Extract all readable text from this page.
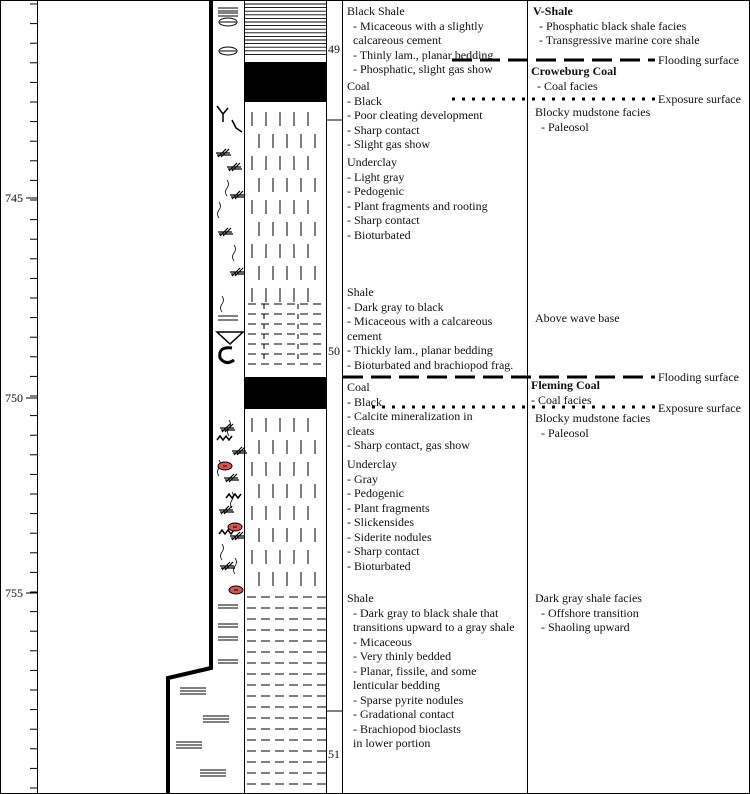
745
750
755
49
50
51
Black Shale
- Micaceous with a slightly
calcareous cement
- Thinly lam., planar bedding
- Phosphatic, slight gas show
Coal
- Black
- Poor cleating development
- Sharp contact
- Slight gas show
Underclay
- Light gray
- Pedogenic
- Plant fragments and rooting
- Sharp contact
- Bioturbated
Shale
- Dark gray to black
- Micaceous with a calcareous
cement
- Thickly lam., planar bedding
- Bioturbated and brachiopod frag.
Coal
- Black
- Calcite mineralization in
cleats
- Sharp contact, gas show
Underclay
- Gray
- Pedogenic
- Plant fragments
- Slickensides
- Siderite nodules
- Sharp contact
- Bioturbated
Shale
- Dark gray to black shale that
transitions upward to a gray shale
- Micaceous
- Very thinly bedded
- Planar, fissile, and some
lenticular bedding
- Sparse pyrite nodules
- Gradational contact
- Brachiopod bioclasts
in lower portion
V-Shale
- Phosphatic black shale facies
- Transgressive marine core shale
Croweburg Coal
- Coal facies
Blocky mudstone facies
- Paleosol
Above wave base
Fleming Coal
- Coal facies
Blocky mudstone facies
- Paleosol
Dark gray shale facies
- Offshore transition
- Shaoling upward
Flooding surface
Exposure surface
Flooding surface
Exposure surface
